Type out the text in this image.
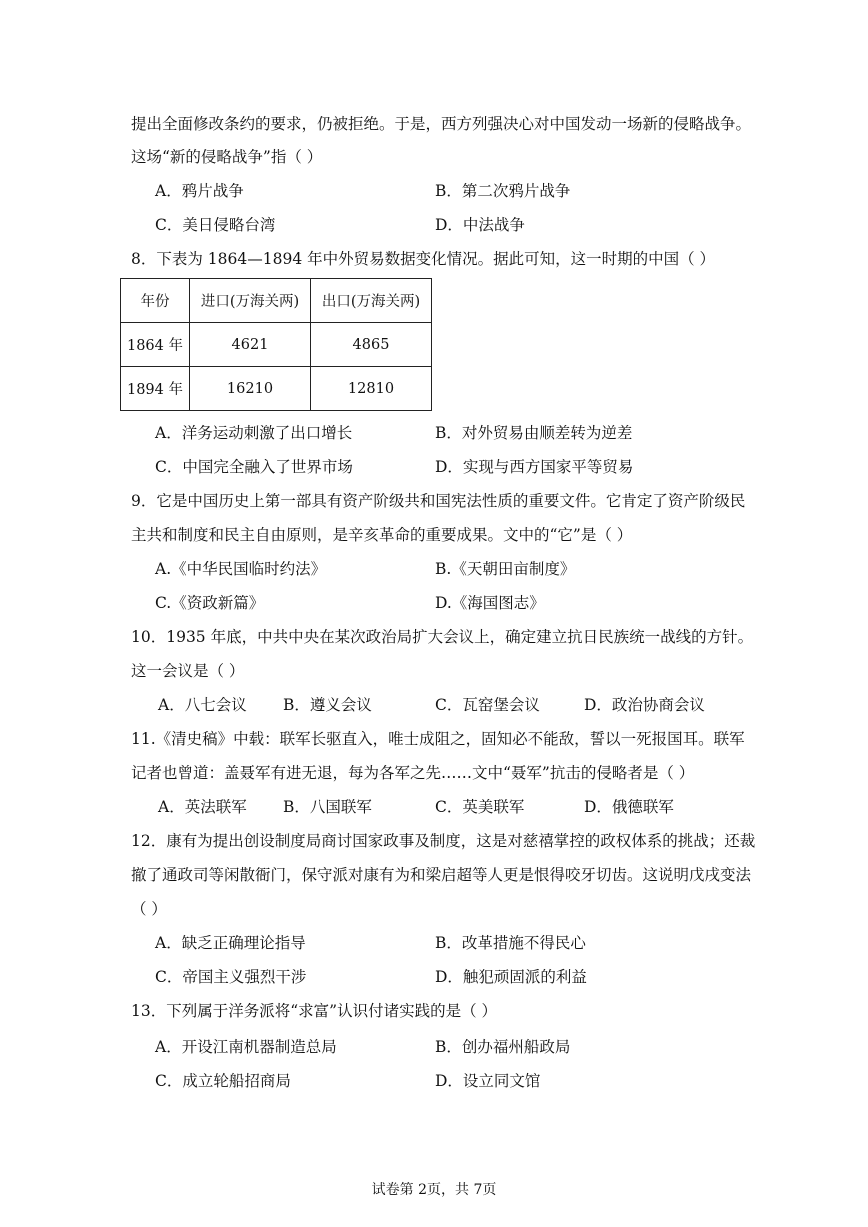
提出全面修改条约的要求，仍被拒绝。于是，西方列强决心对中国发动一场新的侵略战争。
这场“新的侵略战争”指（ ）
A．鸦片战争	B．第二次鸦片战争
C．美日侵略台湾	D．中法战争
8．下表为 1864—1894 年中外贸易数据变化情况。据此可知，这一时期的中国（ ）
年份	进口(万海关两)	出口(万海关两)
1864 年	4621	4865
1894 年	16210	12810
A．洋务运动刺激了出口增长	B．对外贸易由顺差转为逆差
C．中国完全融入了世界市场	D．实现与西方国家平等贸易
9．它是中国历史上第一部具有资产阶级共和国宪法性质的重要文件。它肯定了资产阶级民
主共和制度和民主自由原则，是辛亥革命的重要成果。文中的“它”是（ ）
A.《中华民国临时约法》	B.《天朝田亩制度》
C.《资政新篇》	D.《海国图志》
10．1935 年底，中共中央在某次政治局扩大会议上，确定建立抗日民族统一战线的方针。
这一会议是（ ）
A．八七会议 B．遵义会议	C．瓦窑堡会议	D．政治协商会议
11.《清史稿》中载：联军长驱直入，唯士成阻之，固知必不能敌，誓以一死报国耳。联军
记者也曾道：盖聂军有进无退，每为各军之先……文中“聂军”抗击的侵略者是（ ）
A．英法联军 B．八国联军	C．英美联军	D．俄德联军
12．康有为提出创设制度局商讨国家政事及制度，这是对慈禧掌控的政权体系的挑战；还裁
撤了通政司等闲散衙门，保守派对康有为和梁启超等人更是恨得咬牙切齿。这说明戊戌变法
（ ）
A．缺乏正确理论指导	B．改革措施不得民心
C．帝国主义强烈干涉	D．触犯顽固派的利益
13．下列属于洋务派将“求富”认识付诸实践的是（ ）
A．开设江南机器制造总局	B．创办福州船政局
C．成立轮船招商局	D．设立同文馆
试卷第 2页，共 7页
